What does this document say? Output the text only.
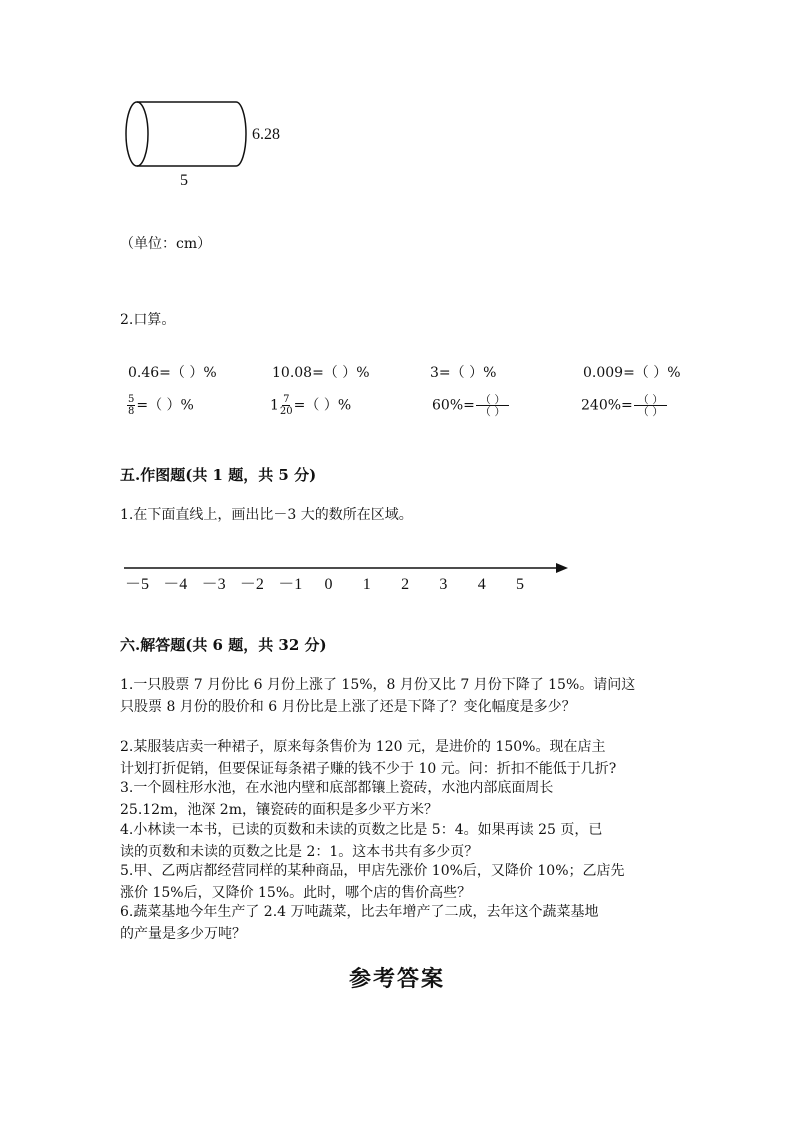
6.28
5
（单位：cm）
2.口算。
0.46=（ ）%	10.08=（ ）%	3=（ ）%	0.009=（ ）%
$\frac{5}{8}$ =（ ）%	$1 \frac{7}{20}$ =（ ）%	$60\%= \frac{( )}{( )}$	$240\%= \frac{( )}{( )}$
五.作图题(共 1 题，共 5 分)
1.在下面直线上，画出比－3 大的数所在区域。
－5 －4 －3 －2 －1 0 1 2 3 4 5
六.解答题(共 6 题，共 32 分)
1.一只股票 7 月份比 6 月份上涨了 15%，8 月份又比 7 月份下降了 15%。请问这
只股票 8 月份的股价和 6 月份比是上涨了还是下降了？变化幅度是多少？
2.某服装店卖一种裙子，原来每条售价为 120 元，是进价的 150%。现在店主
计划打折促销，但要保证每条裙子赚的钱不少于 10 元。问：折扣不能低于几折?
3.一个圆柱形水池，在水池内壁和底部都镶上瓷砖，水池内部底面周长
25.12m，池深 2m，镶瓷砖的面积是多少平方米？
4.小林读一本书，已读的页数和未读的页数之比是 5：4。如果再读 25 页，已
读的页数和未读的页数之比是 2：1。这本书共有多少页？
5.甲、乙两店都经营同样的某种商品，甲店先涨价 10%后，又降价 10%；乙店先
涨价 15%后，又降价 15%。此时，哪个店的售价高些？
6.蔬菜基地今年生产了 2.4 万吨蔬菜，比去年增产了二成，去年这个蔬菜基地
的产量是多少万吨？
参考答案
